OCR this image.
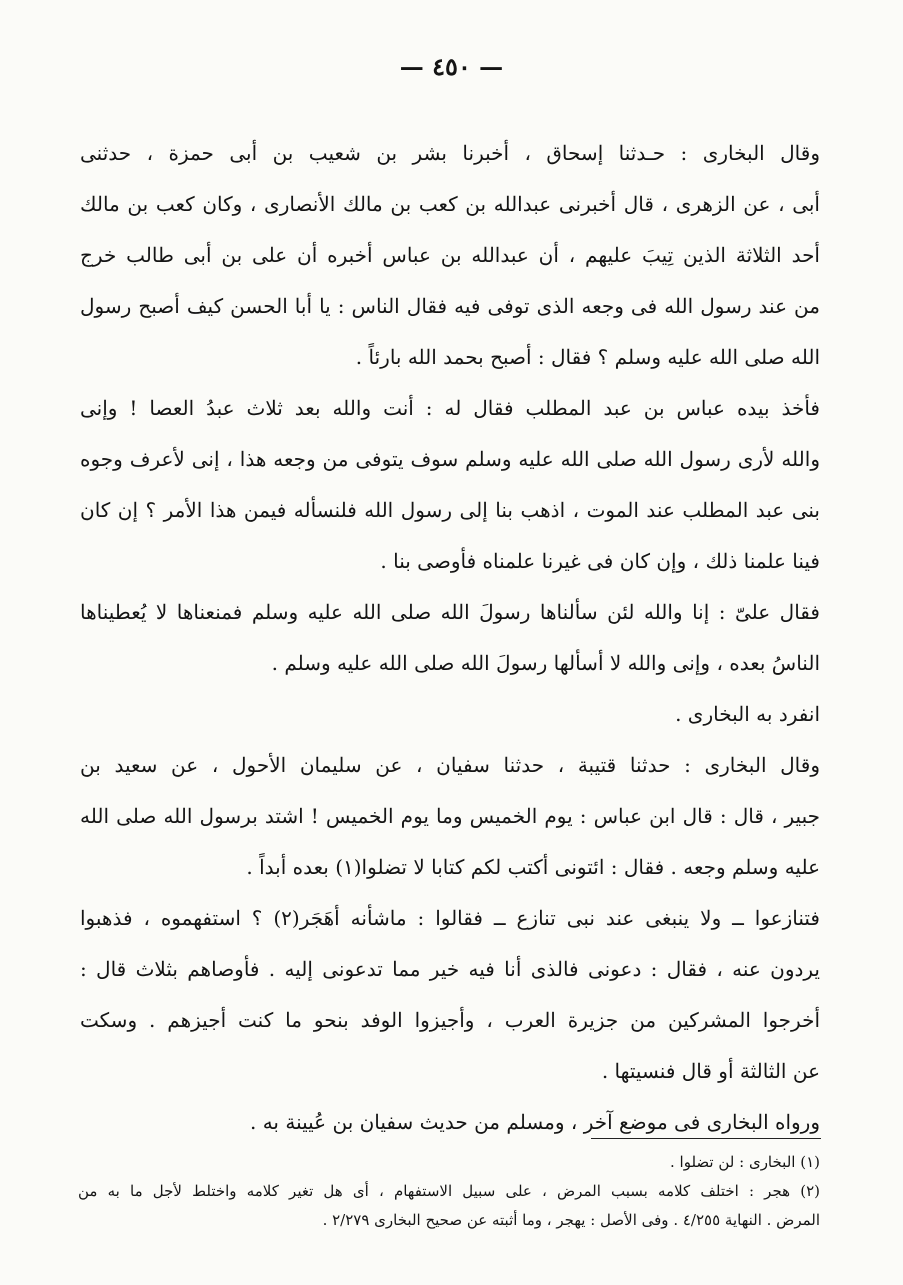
— ٤٥٠ —
وقال البخارى : حـدثنا إسحاق ، أخبرنا بشر بن شعيب بن أبى حمزة ، حدثنى
أبى ، عن الزهرى ، قال أخبرنى عبدالله بن كعب بن مالك الأنصارى ، وكان كعب بن مالك
أحد الثلاثة الذين تِيبَ عليهم ، أن عبدالله بن عباس أخبره أن على بن أبى طالب خرج
من عند رسول الله فى وجعه الذى توفى فيه فقال الناس : يا أبا الحسن كيف أصبح رسول
الله صلى الله عليه وسلم ؟ فقال : أصبح بحمد الله بارئاً .
فأخذ بيده عباس بن عبد المطلب فقال له : أنت والله بعد ثلاث عبدُ العصا ! وإنى
والله لأرى رسول الله صلى الله عليه وسلم سوف يتوفى من وجعه هذا ، إنى لأعرف وجوه
بنى عبد المطلب عند الموت ، اذهب بنا إلى رسول الله فلنسأله فيمن هذا الأمر ؟ إن كان
فينا علمنا ذلك ، وإن كان فى غيرنا علمناه فأوصى بنا .
فقال علىّ : إنا والله لئن سألناها رسولَ الله صلى الله عليه وسلم فمنعناها لا يُعطيناها
الناسُ بعده ، وإنى والله لا أسألها رسولَ الله صلى الله عليه وسلم .
انفرد به البخارى .
وقال البخارى : حدثنا قتيبة ، حدثنا سفيان ، عن سليمان الأحول ، عن سعيد بن
جبير ، قال : قال ابن عباس : يوم الخميس وما يوم الخميس ! اشتد برسول الله صلى الله
عليه وسلم وجعه . فقال : ائتونى أكتب لكم كتابا لا تضلوا(١) بعده أبداً .
فتنازعوا ــ ولا ينبغى عند نبى تنازع ــ فقالوا : ماشأنه أهَجَر(٢) ؟ استفهموه ، فذهبوا
يردون عنه ، فقال : دعونى فالذى أنا فيه خير مما تدعونى إليه . فأوصاهم بثلاث قال :
أخرجوا المشركين من جزيرة العرب ، وأجيزوا الوفد بنحو ما كنت أجيزهم . وسكت
عن الثالثة أو قال فنسيتها .
ورواه البخارى فى موضع آخر ، ومسلم من حديث سفيان بن عُيينة به .
(١) البخارى : لن تضلوا .
(٢) هجر : اختلف كلامه بسبب المرض ، على سبيل الاستفهام ، أى هل تغير كلامه واختلط لأجل ما به من
المرض . النهاية ٤/٢٥٥ . وفى الأصل : يهجر ، وما أثبته عن صحيح البخارى ٢/٢٧٩ .
